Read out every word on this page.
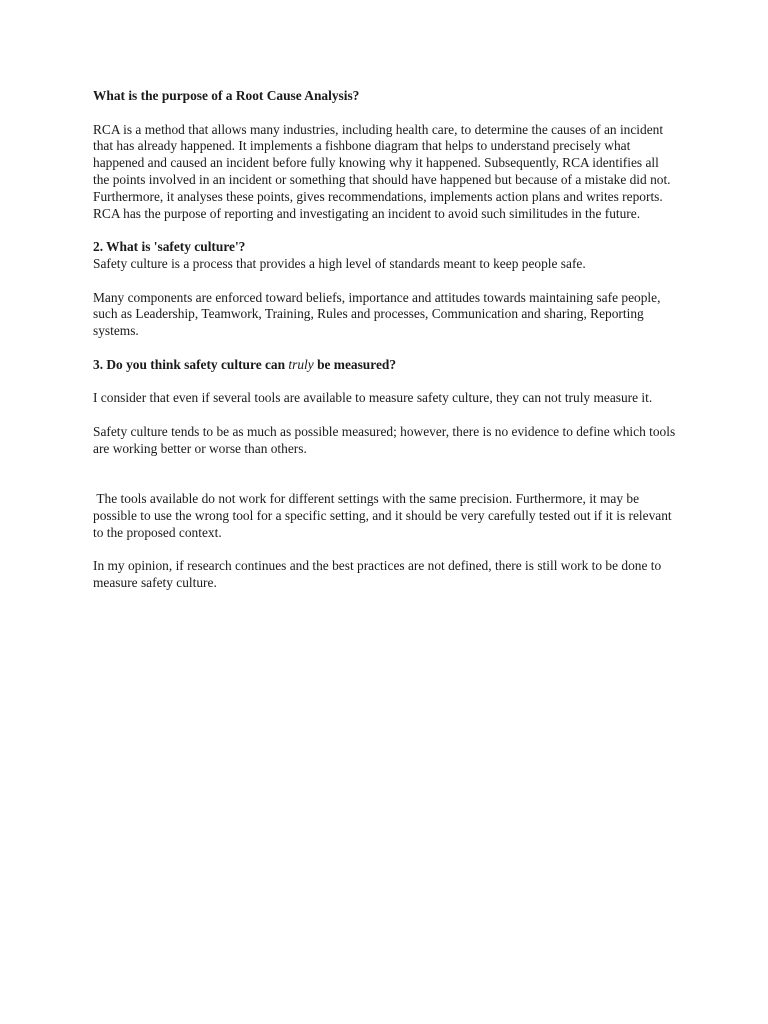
What is the purpose of a Root Cause Analysis?

RCA is a method that allows many industries, including health care, to determine the causes of an incident that has already happened. It implements a fishbone diagram that helps to understand precisely what happened and caused an incident before fully knowing why it happened. Subsequently, RCA identifies all the points involved in an incident or something that should have happened but because of a mistake did not. Furthermore, it analyses these points, gives recommendations, implements action plans and writes reports.

RCA has the purpose of reporting and investigating an incident to avoid such similitudes in the future.

2. What is 'safety culture'?

Safety culture is a process that provides a high level of standards meant to keep people safe.

Many components are enforced toward beliefs, importance and attitudes towards maintaining safe people, such as Leadership, Teamwork, Training, Rules and processes, Communication and sharing, Reporting systems.

3. Do you think safety culture can truly be measured?

I consider that even if several tools are available to measure safety culture, they can not truly measure it.

Safety culture tends to be as much as possible measured; however, there is no evidence to define which tools are working better or worse than others.

The tools available do not work for different settings with the same precision. Furthermore, it may be possible to use the wrong tool for a specific setting, and it should be very carefully tested out if it is relevant to the proposed context.

In my opinion, if research continues and the best practices are not defined, there is still work to be done to measure safety culture.
